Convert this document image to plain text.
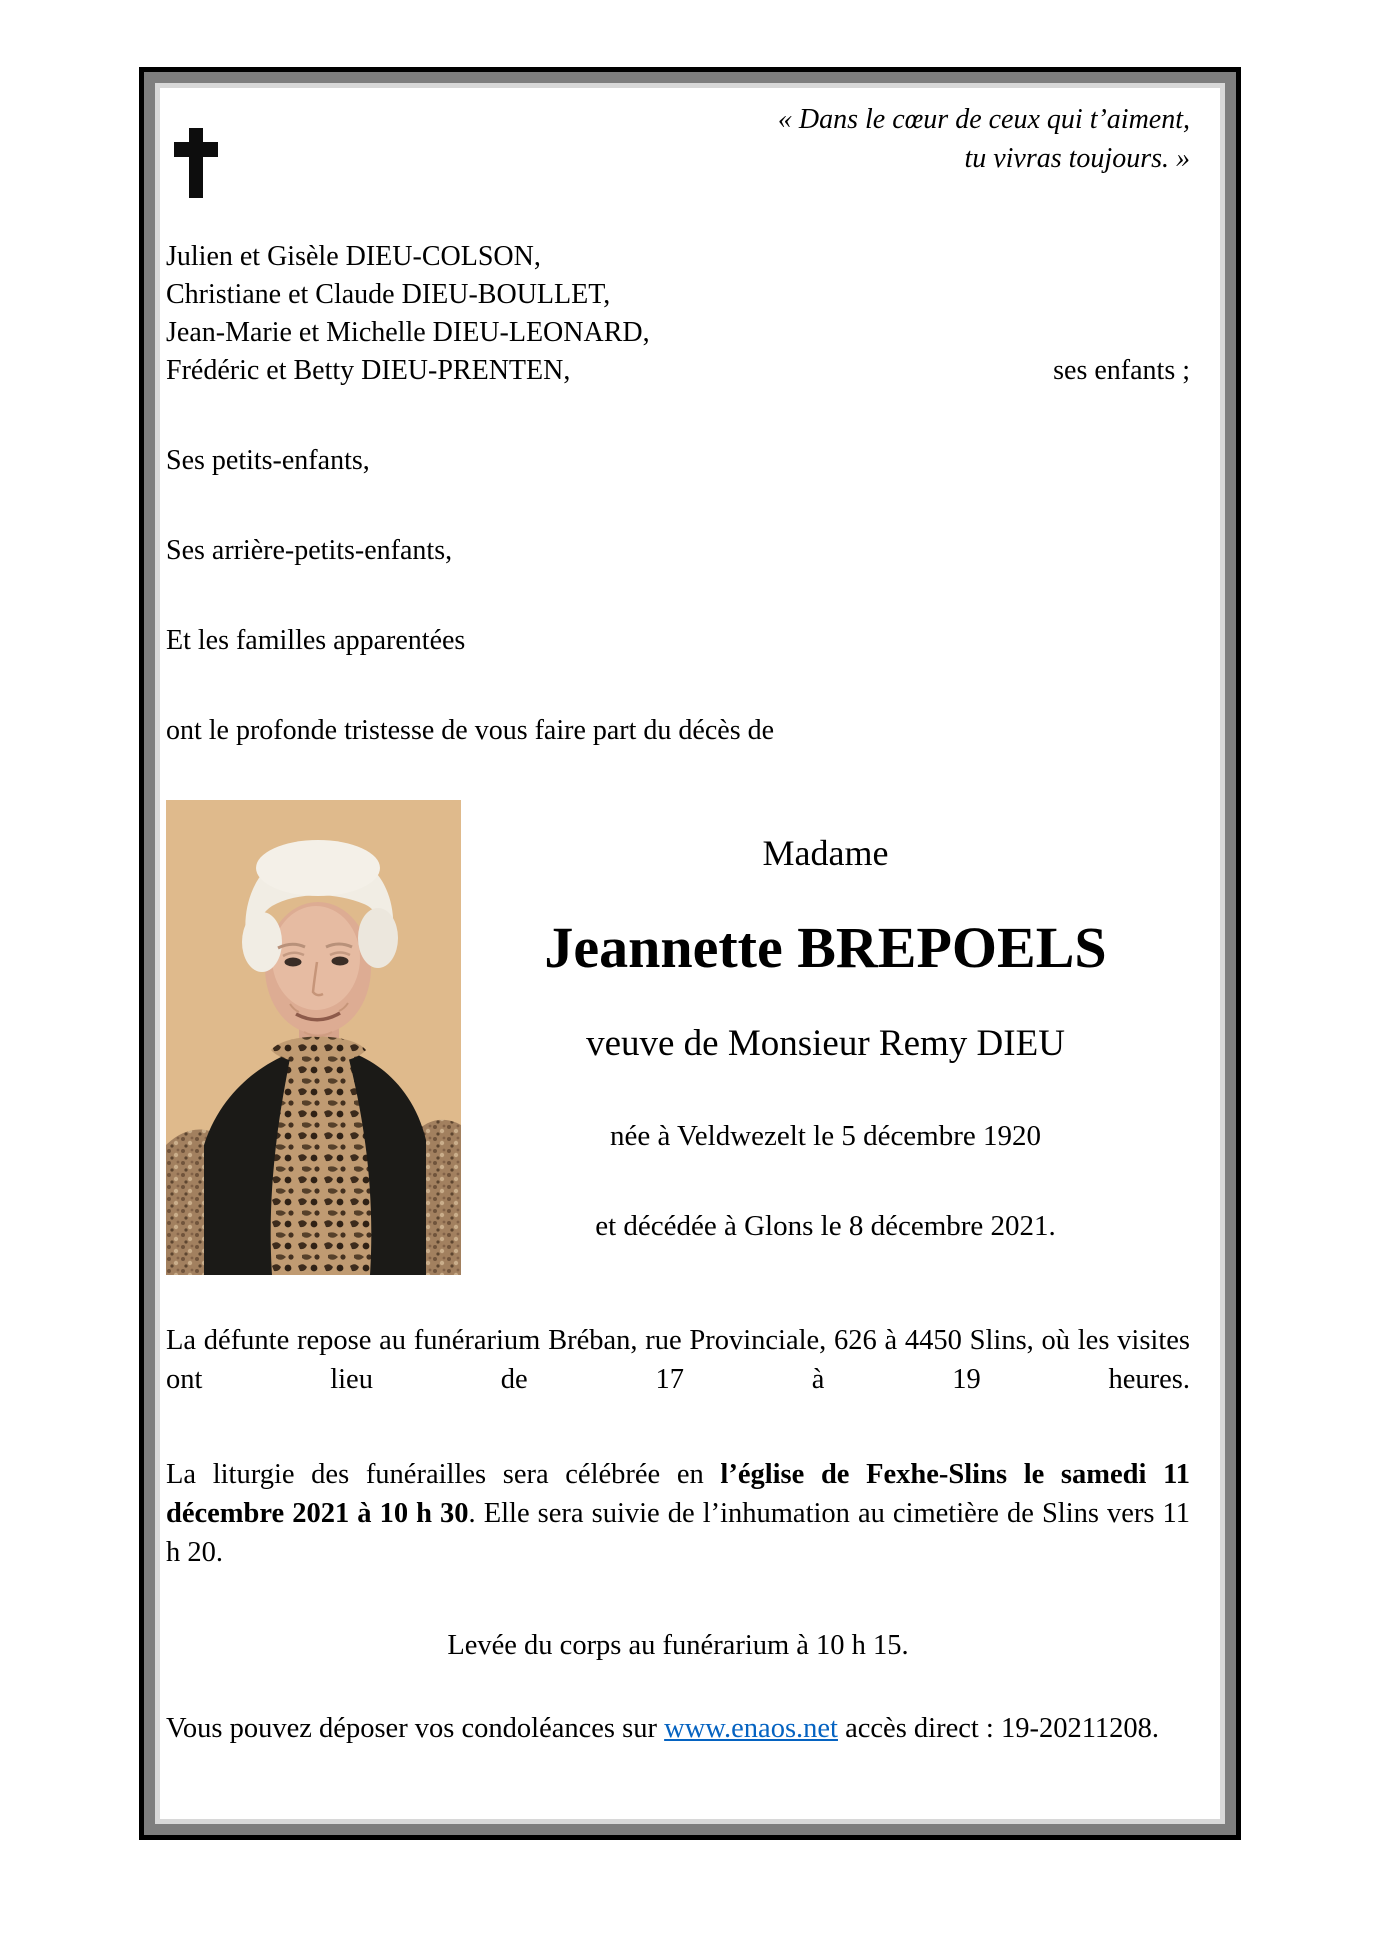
« Dans le cœur de ceux qui t’aiment,
tu vivras toujours. »
Julien et Gisèle DIEU-COLSON,
Christiane et Claude DIEU-BOULLET,
Jean-Marie et Michelle DIEU-LEONARD,
Frédéric et Betty DIEU-PRENTEN,	ses enfants ;

Ses petits-enfants,

Ses arrière-petits-enfants,

Et les familles apparentées

ont le profonde tristesse de vous faire part du décès de

Madame
Jeannette BREPOELS
veuve de Monsieur Remy DIEU
née à Veldwezelt le 5 décembre 1920
et décédée à Glons le 8 décembre 2021.

La défunte repose au funérarium Bréban, rue Provinciale, 626 à 4450 Slins, où les visites ont lieu de 17 à 19 heures.

La liturgie des funérailles sera célébrée en l’église de Fexhe-Slins le samedi 11 décembre 2021 à 10 h 30. Elle sera suivie de l’inhumation au cimetière de Slins vers 11 h 20.

Levée du corps au funérarium à 10 h 15.

Vous pouvez déposer vos condoléances sur www.enaos.net accès direct : 19-20211208.
